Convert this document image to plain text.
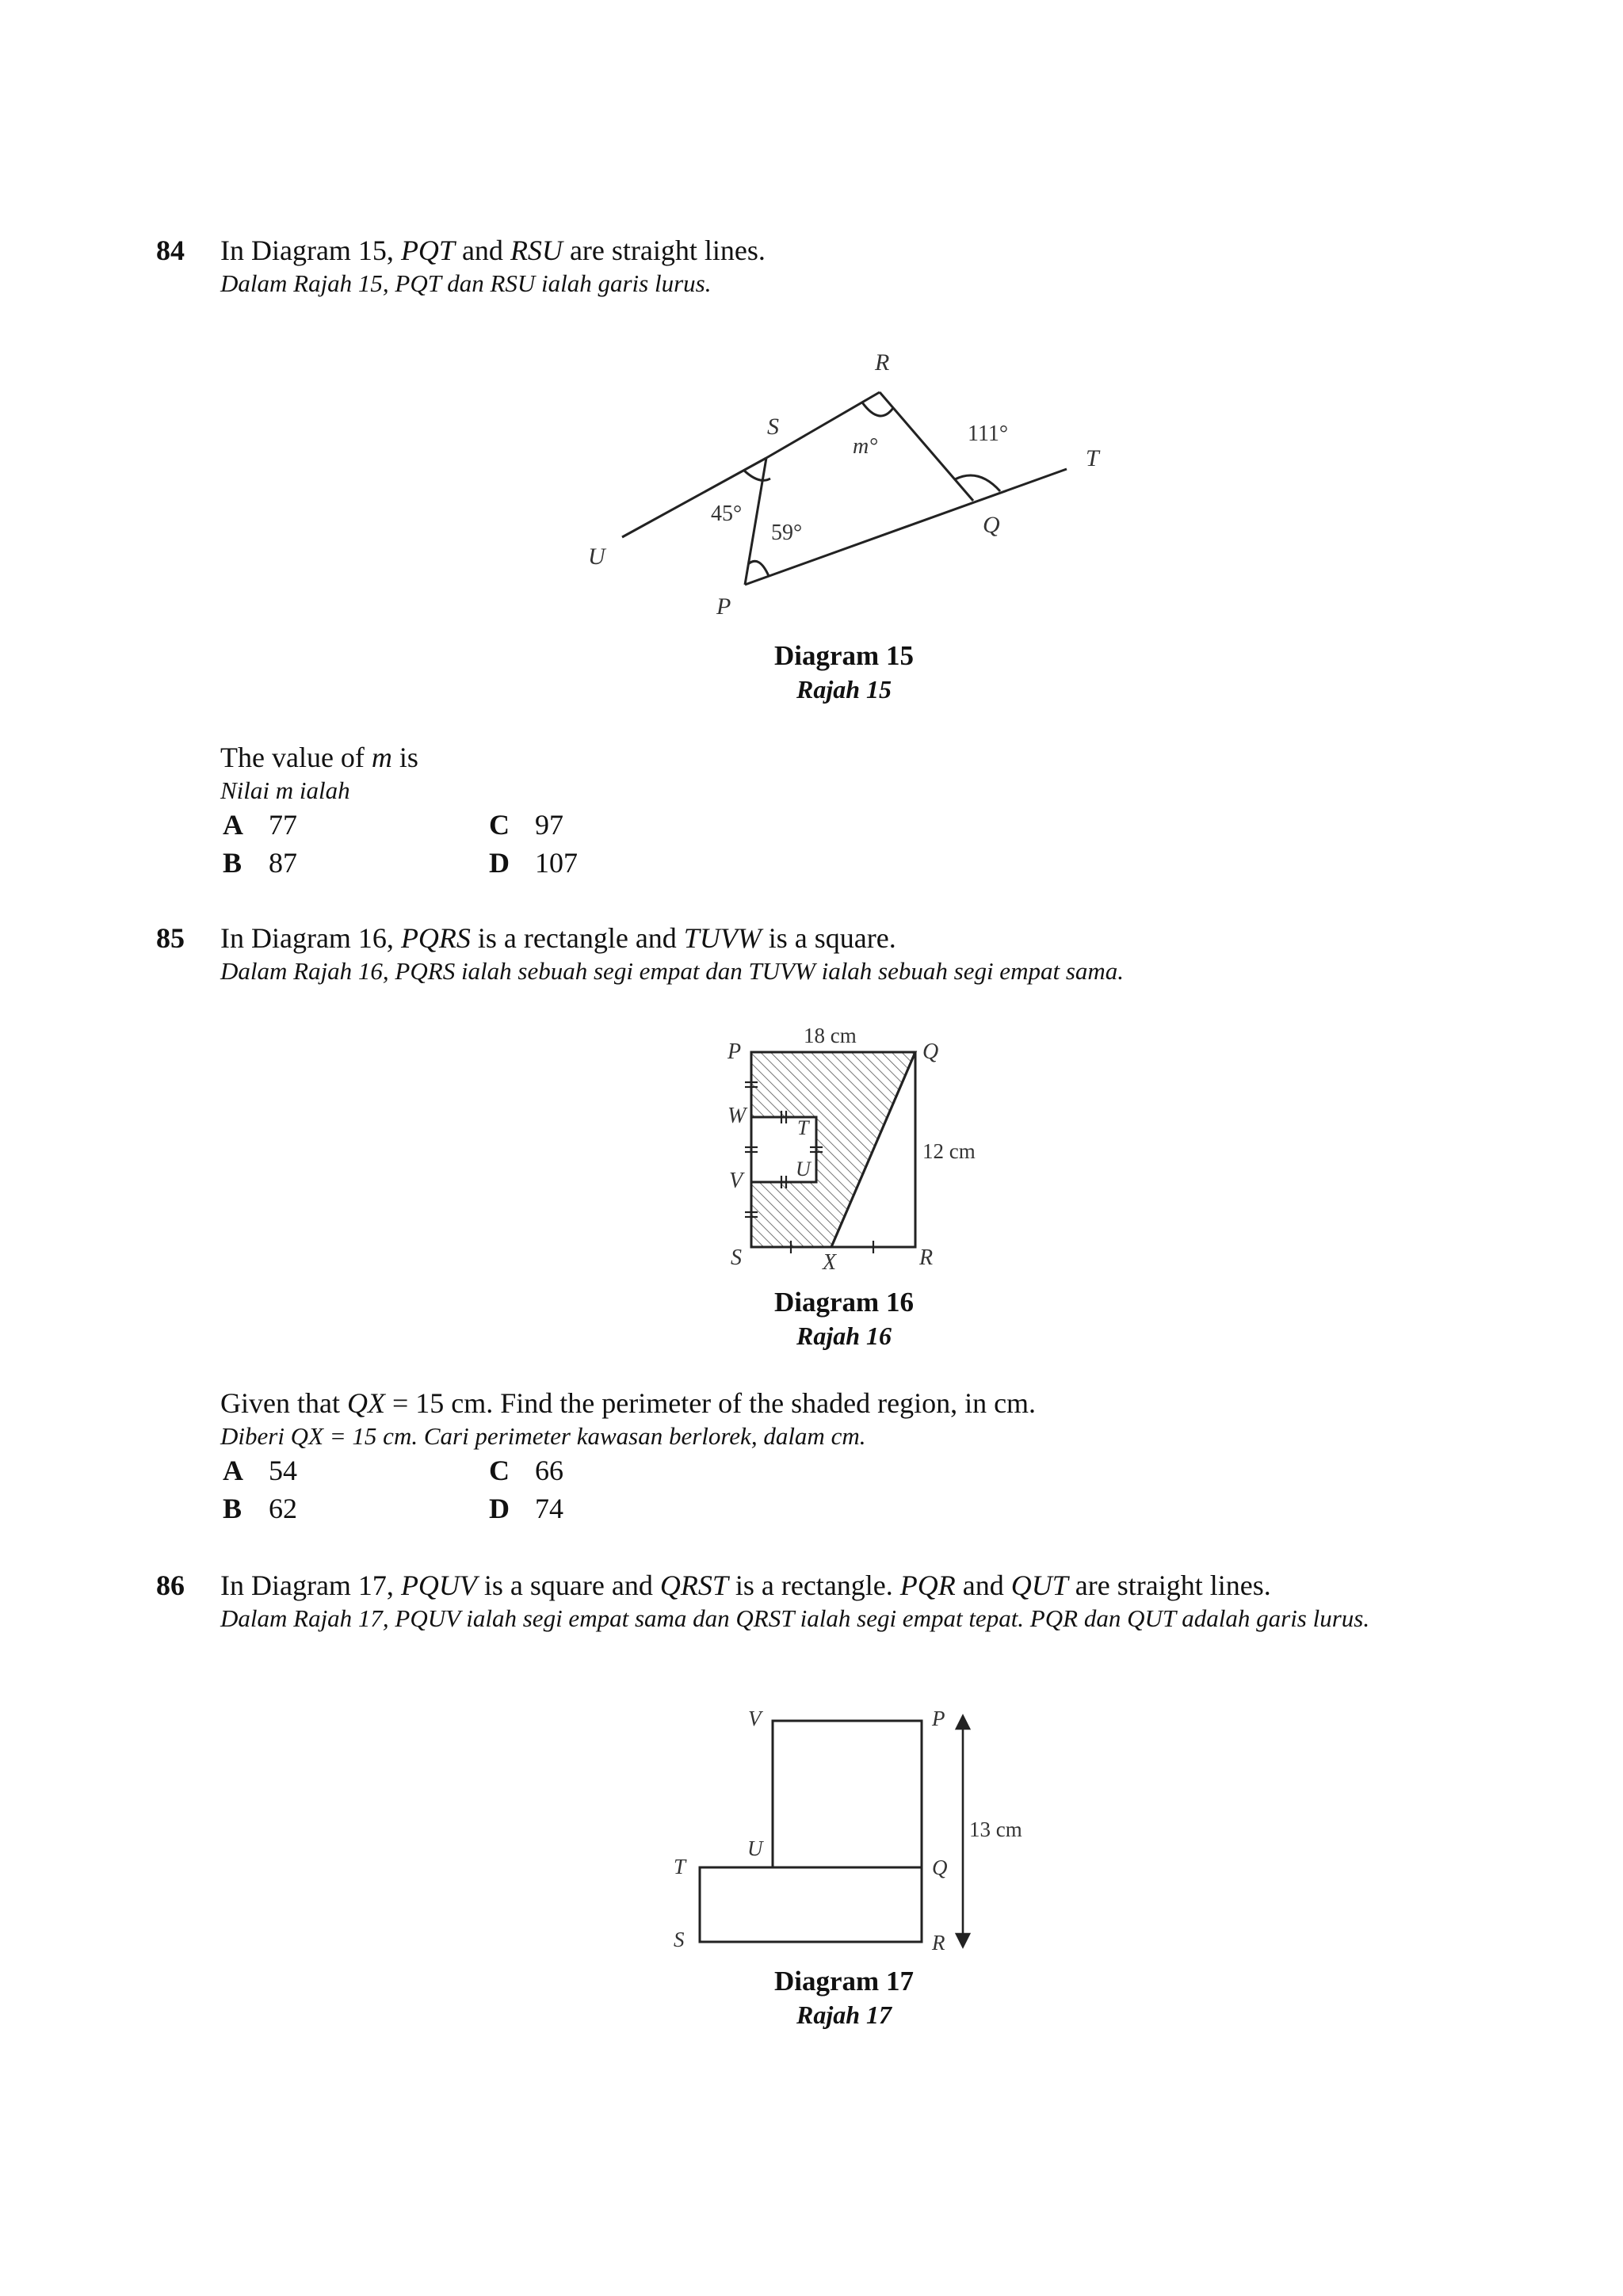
84 In Diagram 15, PQT and RSU are straight lines.
Dalam Rajah 15, PQT dan RSU ialah garis lurus.
R
S
T
U
P
Q
m°
111°
45°
59°
Diagram 15
Rajah 15
The value of m is
Nilai m ialah
A 77
B 87
C 97
D 107
85 In Diagram 16, PQRS is a rectangle and TUVW is a square.
Dalam Rajah 16, PQRS ialah sebuah segi empat dan TUVW ialah sebuah segi empat sama.
P	Q
R
S	X
W
V
T
U
18 cm
12 cm
Diagram 16
Rajah 16
Given that QX = 15 cm. Find the perimeter of the shaded region, in cm.
Diberi QX = 15 cm. Cari perimeter kawasan berlorek, dalam cm.
A 54
B 62
C 66
D 74
86 In Diagram 17, PQUV is a square and QRST is a rectangle. PQR and QUT are straight lines.
Dalam Rajah 17, PQUV ialah segi empat sama dan QRST ialah segi empat tepat. PQR dan QUT adalah garis lurus.
V	P
U
T	Q
S	R
13 cm
Diagram 17
Rajah 17
